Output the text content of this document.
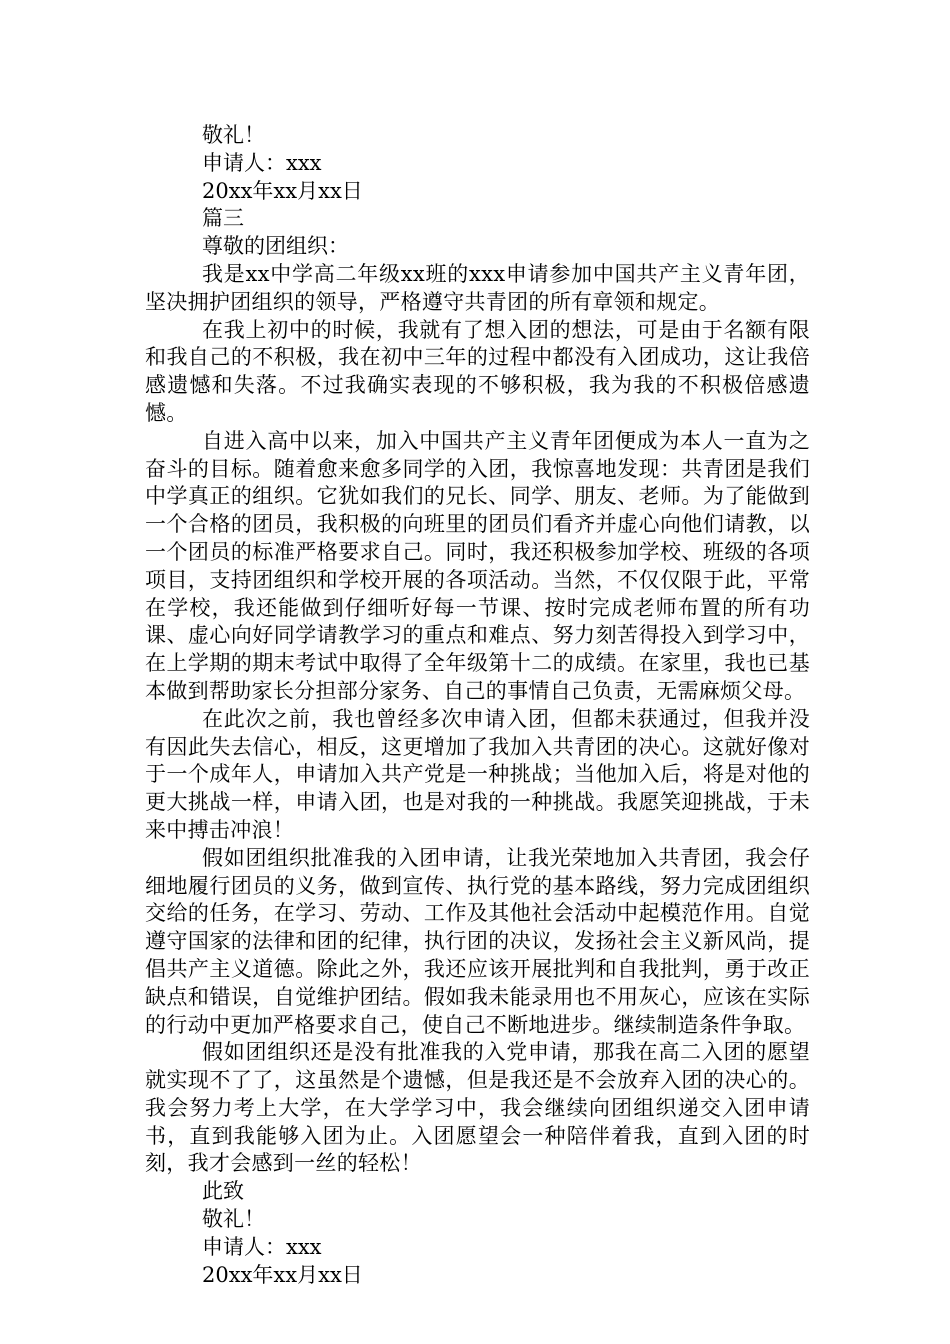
敬礼！

申请人：xxx

20xx年xx月xx日

篇三

尊敬的团组织：

我是xx中学高二年级xx班的xxx申请参加中国共产主义青年团，坚决拥护团组织的领导，严格遵守共青团的所有章领和规定。

在我上初中的时候，我就有了想入团的想法，可是由于名额有限和我自己的不积极，我在初中三年的过程中都没有入团成功，这让我倍感遗憾和失落。不过我确实表现的不够积极，我为我的不积极倍感遗憾。

自进入高中以来，加入中国共产主义青年团便成为本人一直为之奋斗的目标。随着愈来愈多同学的入团，我惊喜地发现：共青团是我们中学真正的组织。它犹如我们的兄长、同学、朋友、老师。为了能做到一个合格的团员，我积极的向班里的团员们看齐并虚心向他们请教，以一个团员的标准严格要求自己。同时，我还积极参加学校、班级的各项项目，支持团组织和学校开展的各项活动。当然，不仅仅限于此，平常在学校，我还能做到仔细听好每一节课、按时完成老师布置的所有功课、虚心向好同学请教学习的重点和难点、努力刻苦得投入到学习中，在上学期的期末考试中取得了全年级第十二的成绩。在家里，我也已基本做到帮助家长分担部分家务、自己的事情自己负责，无需麻烦父母。

在此次之前，我也曾经多次申请入团，但都未获通过，但我并没有因此失去信心，相反，这更增加了我加入共青团的决心。这就好像对于一个成年人，申请加入共产党是一种挑战；当他加入后，将是对他的更大挑战一样，申请入团，也是对我的一种挑战。我愿笑迎挑战，于未来中搏击冲浪！

假如团组织批准我的入团申请，让我光荣地加入共青团，我会仔细地履行团员的义务，做到宣传、执行党的基本路线，努力完成团组织交给的任务，在学习、劳动、工作及其他社会活动中起模范作用。自觉遵守国家的法律和团的纪律，执行团的决议，发扬社会主义新风尚，提倡共产主义道德。除此之外，我还应该开展批判和自我批判，勇于改正缺点和错误，自觉维护团结。假如我未能录用也不用灰心，应该在实际的行动中更加严格要求自己，使自己不断地进步。继续制造条件争取。

假如团组织还是没有批准我的入党申请，那我在高二入团的愿望就实现不了了，这虽然是个遗憾，但是我还是不会放弃入团的决心的。我会努力考上大学，在大学学习中，我会继续向团组织递交入团申请书，直到我能够入团为止。入团愿望会一种陪伴着我，直到入团的时刻，我才会感到一丝的轻松！

此致

敬礼！

申请人：xxx

20xx年xx月xx日
